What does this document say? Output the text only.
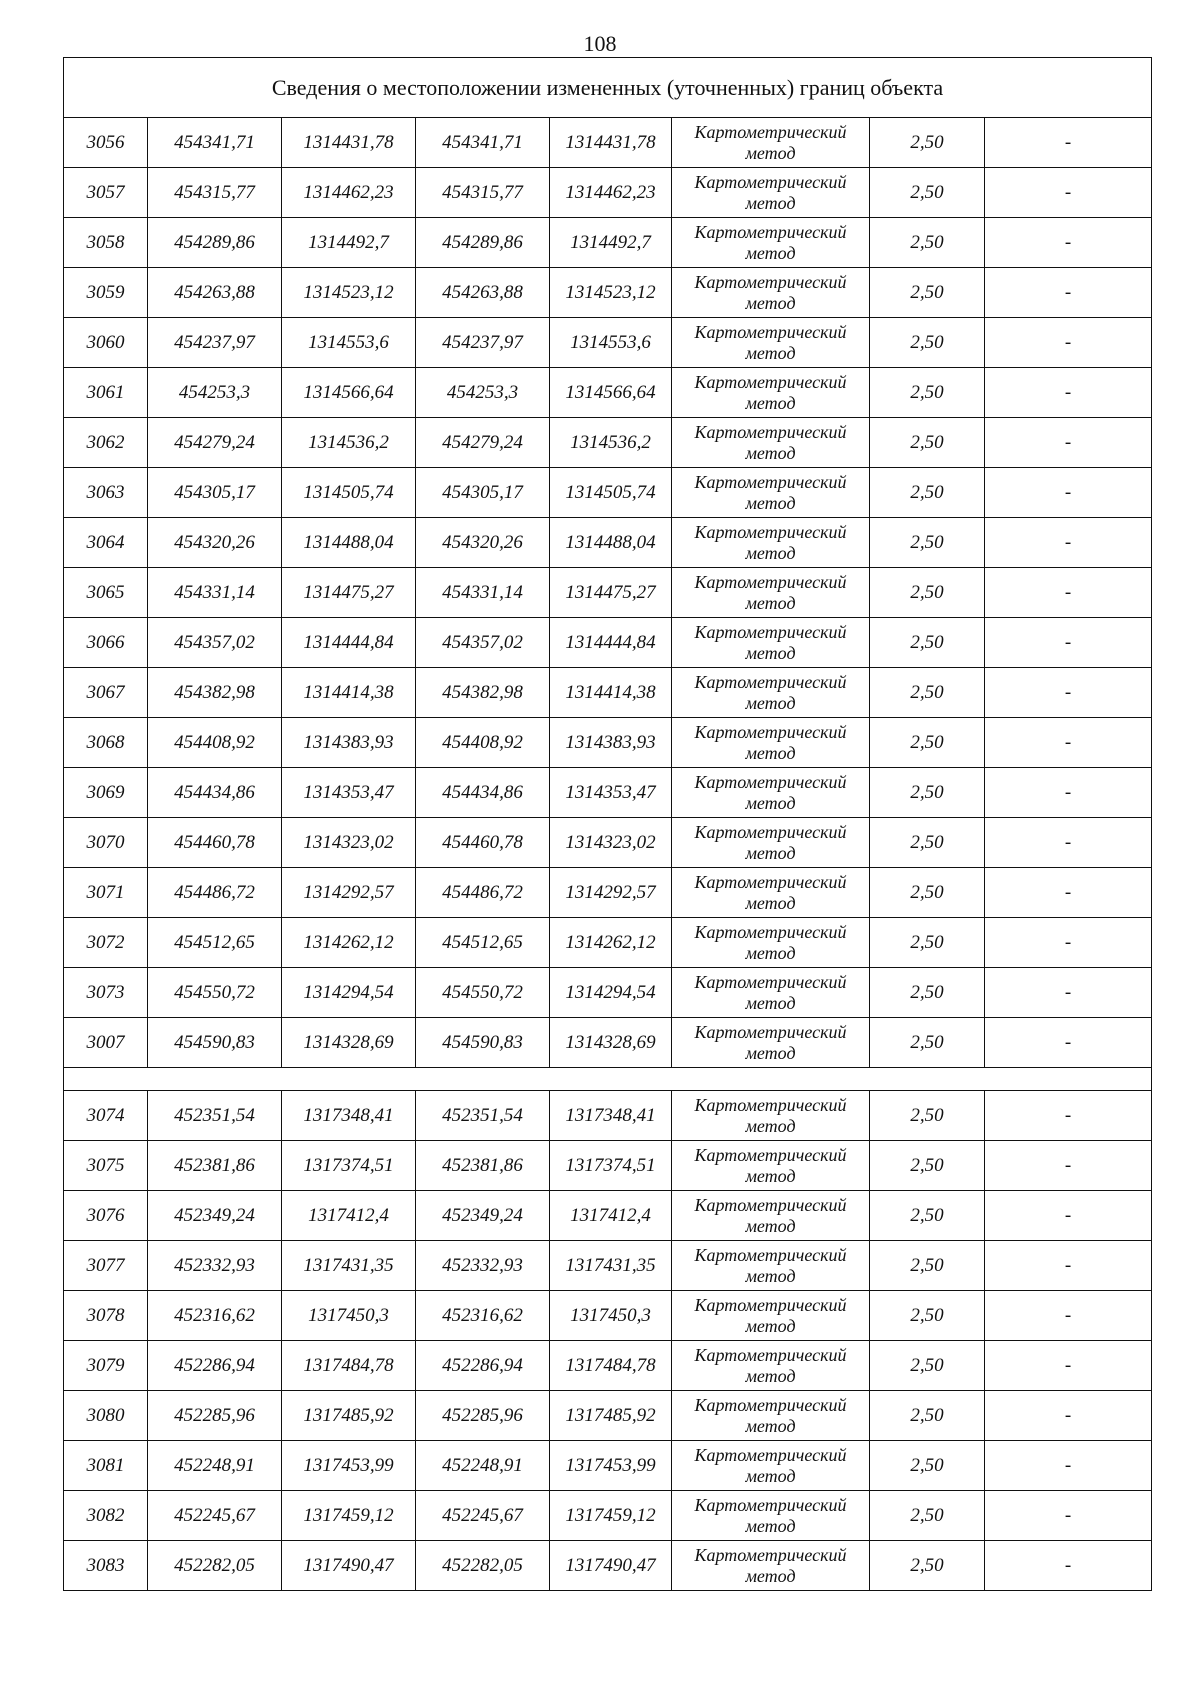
108
Сведения о местоположении измененных (уточненных) границ объекта							
3056	454341,71	1314431,78	454341,71	1314431,78	Картометрический метод	2,50	-
3057	454315,77	1314462,23	454315,77	1314462,23	Картометрический метод	2,50	-
3058	454289,86	1314492,7	454289,86	1314492,7	Картометрический метод	2,50	-
3059	454263,88	1314523,12	454263,88	1314523,12	Картометрический метод	2,50	-
3060	454237,97	1314553,6	454237,97	1314553,6	Картометрический метод	2,50	-
3061	454253,3	1314566,64	454253,3	1314566,64	Картометрический метод	2,50	-
3062	454279,24	1314536,2	454279,24	1314536,2	Картометрический метод	2,50	-
3063	454305,17	1314505,74	454305,17	1314505,74	Картометрический метод	2,50	-
3064	454320,26	1314488,04	454320,26	1314488,04	Картометрический метод	2,50	-
3065	454331,14	1314475,27	454331,14	1314475,27	Картометрический метод	2,50	-
3066	454357,02	1314444,84	454357,02	1314444,84	Картометрический метод	2,50	-
3067	454382,98	1314414,38	454382,98	1314414,38	Картометрический метод	2,50	-
3068	454408,92	1314383,93	454408,92	1314383,93	Картометрический метод	2,50	-
3069	454434,86	1314353,47	454434,86	1314353,47	Картометрический метод	2,50	-
3070	454460,78	1314323,02	454460,78	1314323,02	Картометрический метод	2,50	-
3071	454486,72	1314292,57	454486,72	1314292,57	Картометрический метод	2,50	-
3072	454512,65	1314262,12	454512,65	1314262,12	Картометрический метод	2,50	-
3073	454550,72	1314294,54	454550,72	1314294,54	Картометрический метод	2,50	-
3007	454590,83	1314328,69	454590,83	1314328,69	Картометрический метод	2,50	-

3074	452351,54	1317348,41	452351,54	1317348,41	Картометрический метод	2,50	-
3075	452381,86	1317374,51	452381,86	1317374,51	Картометрический метод	2,50	-
3076	452349,24	1317412,4	452349,24	1317412,4	Картометрический метод	2,50	-
3077	452332,93	1317431,35	452332,93	1317431,35	Картометрический метод	2,50	-
3078	452316,62	1317450,3	452316,62	1317450,3	Картометрический метод	2,50	-
3079	452286,94	1317484,78	452286,94	1317484,78	Картометрический метод	2,50	-
3080	452285,96	1317485,92	452285,96	1317485,92	Картометрический метод	2,50	-
3081	452248,91	1317453,99	452248,91	1317453,99	Картометрический метод	2,50	-
3082	452245,67	1317459,12	452245,67	1317459,12	Картометрический метод	2,50	-
3083	452282,05	1317490,47	452282,05	1317490,47	Картометрический метод	2,50	-
